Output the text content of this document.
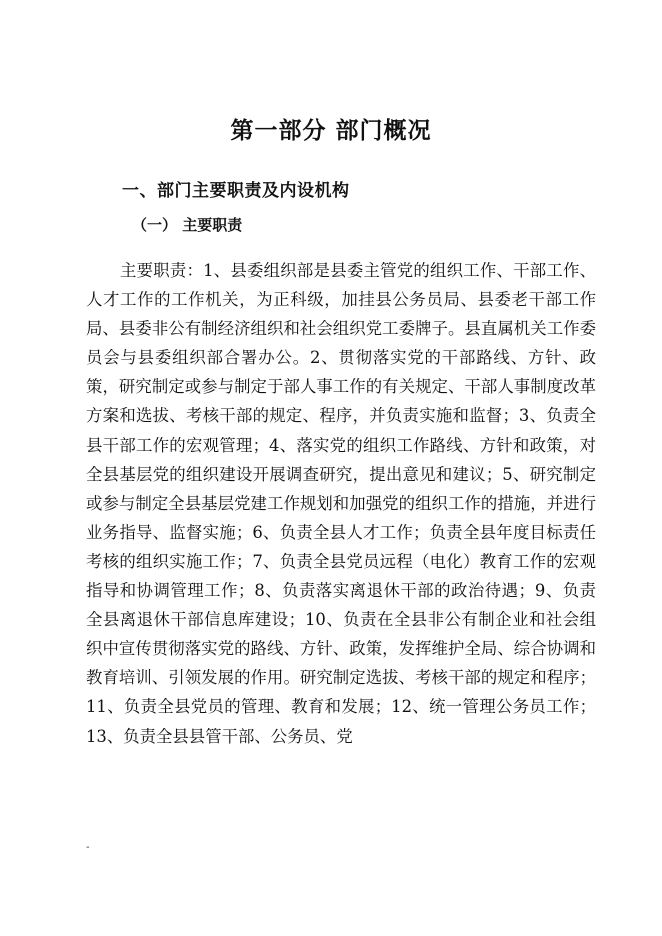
第一部分 部门概况
一、部门主要职责及内设机构
（一） 主要职责

主要职责：1、县委组织部是县委主管党的组织工作、干部工作、人才工作的工作机关，为正科级，加挂县公务员局、县委老干部工作局、县委非公有制经济组织和社会组织党工委牌子。县直属机关工作委员会与县委组织部合署办公。2、贯彻落实党的干部路线、方针、政策，研究制定或参与制定于部人事工作的有关规定、干部人事制度改革方案和选拔、考核干部的规定、程序，并负责实施和监督；3、负责全县干部工作的宏观管理；4、落实党的组织工作路线、方针和政策，对全县基层党的组织建设开展调查研究，提出意见和建议；5、研究制定或参与制定全县基层党建工作规划和加强党的组织工作的措施，并进行业务指导、监督实施；6、负责全县人才工作；负责全县年度目标责任考核的组织实施工作；7、负责全县党员远程（电化）教育工作的宏观指导和协调管理工作；8、负责落实离退休干部的政治待遇；9、负责全县离退休干部信息库建设；10、负责在全县非公有制企业和社会组织中宣传贯彻落实党的路线、方针、政策，发挥维护全局、综合协调和教育培训、引领发展的作用。研究制定选拔、考核干部的规定和程序；11、负责全县党员的管理、教育和发展；12、统一管理公务员工作；13、负责全县县管干部、公务员、党

-
